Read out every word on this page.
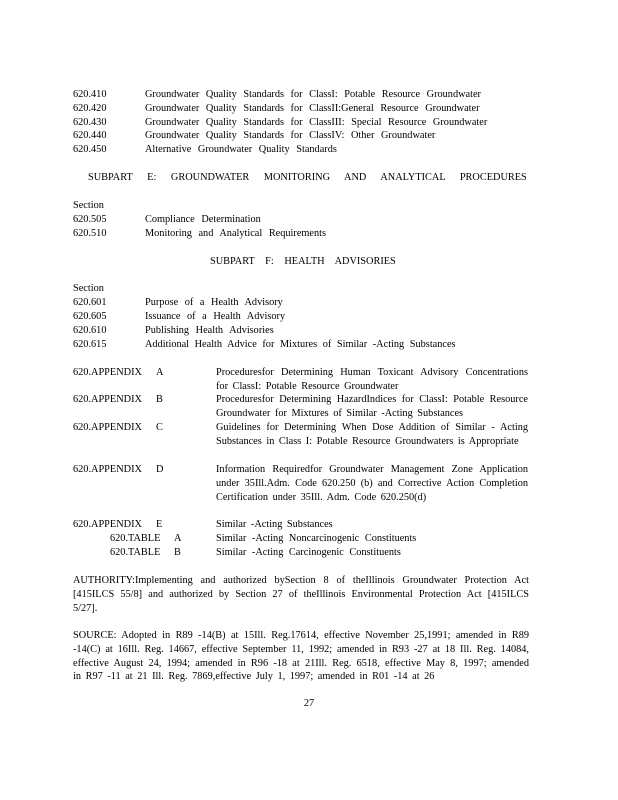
620.410	Groundwater Quality Standards for ClassI: Potable Resource Groundwater
620.420	Groundwater Quality Standards for ClassII:General Resource Groundwater
620.430	Groundwater Quality Standards for ClassIII: Special Resource Groundwater
620.440	Groundwater Quality Standards for ClassIV: Other Groundwater
620.450	Alternative Groundwater Quality Standards
SUBPART E: GROUNDWATER MONITORING AND ANALYTICAL PROCEDURES
Section
620.505	Compliance Determination
620.510	Monitoring and Analytical Requirements
SUBPART F: HEALTH ADVISORIES
Section
620.601	Purpose of a Health Advisory
620.605	Issuance of a Health Advisory
620.610	Publishing Health Advisories
620.615	Additional Health Advice for Mixtures of Similar -Acting Substances
620.APPENDIX A	Proceduresfor Determining Human Toxicant Advisory Concentrations for ClassI: Potable Resource Groundwater
620.APPENDIX B	Proceduresfor Determining HazardIndices for ClassI: Potable Resource Groundwater for Mixtures of Similar -Acting Substances
620.APPENDIX C	Guidelines for Determining When Dose Addition of Similar - Acting Substances in Class I: Potable Resource Groundwaters is Appropriate
620.APPENDIX D	Information Requiredfor Groundwater Management Zone Application under 35Ill.Adm. Code 620.250 (b) and Corrective Action Completion Certification under 35Ill. Adm. Code 620.250(d)
620.APPENDIX E	Similar -Acting Substances
620.TABLE A	Similar -Acting Noncarcinogenic Constituents
620.TABLE B	Similar -Acting Carcinogenic Constituents
AUTHORITY:Implementing and authorized bySection 8 of theIllinois Groundwater Protection Act [415ILCS 55/8] and authorized by Section 27 of theIllinois Environmental Protection Act [415ILCS 5/27].
SOURCE: Adopted in R89 -14(B) at 15Ill. Reg.17614, effective November 25,1991; amended in R89 -14(C) at 16Ill. Reg. 14667, effective September 11, 1992; amended in R93 -27 at 18 Ill. Reg. 14084, effective August 24, 1994; amended in R96 -18 at 21Ill. Reg. 6518, effective May 8, 1997; amended in R97 -11 at 21 Ill. Reg. 7869,effective July 1, 1997; amended in R01 -14 at 26
27
